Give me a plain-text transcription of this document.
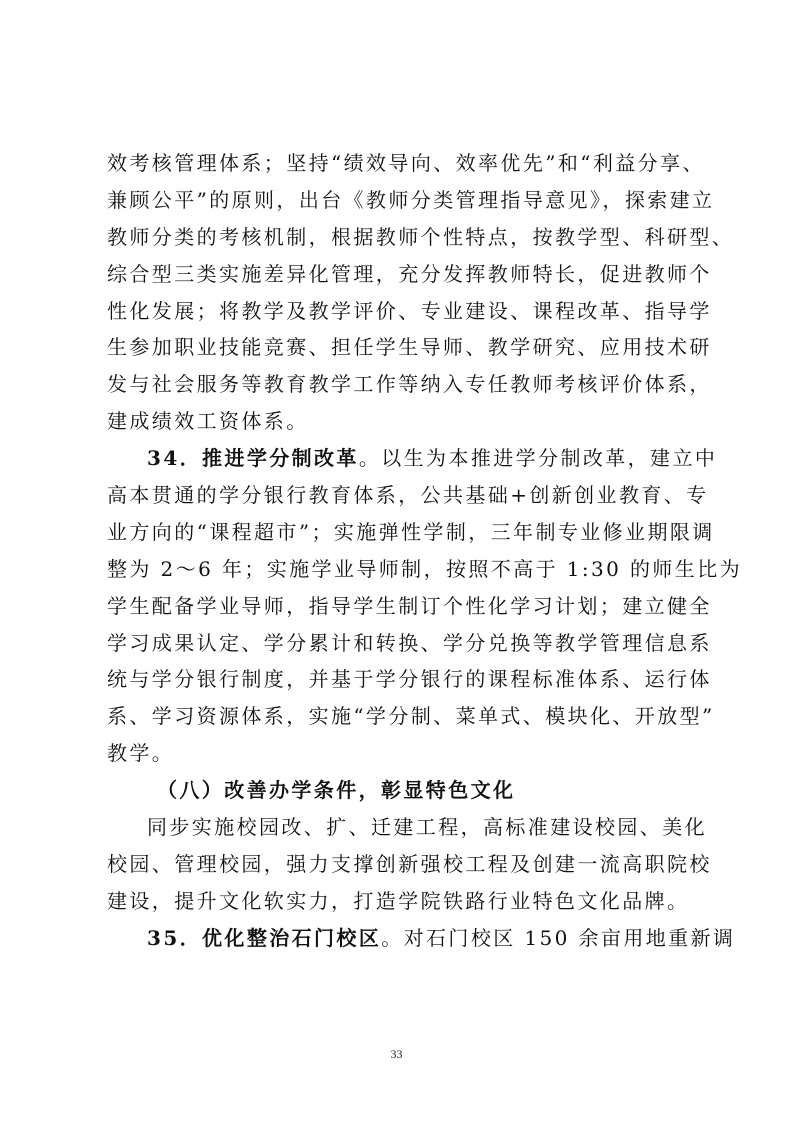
效考核管理体系；坚持“绩效导向、效率优先”和“利益分享、
兼顾公平”的原则，出台《教师分类管理指导意见》，探索建立
教师分类的考核机制，根据教师个性特点，按教学型、科研型、
综合型三类实施差异化管理，充分发挥教师特长，促进教师个
性化发展；将教学及教学评价、专业建设、课程改革、指导学
生参加职业技能竞赛、担任学生导师、教学研究、应用技术研
发与社会服务等教育教学工作等纳入专任教师考核评价体系，
建成绩效工资体系。
34．推进学分制改革。以生为本推进学分制改革，建立中
高本贯通的学分银行教育体系，公共基础+创新创业教育、专
业方向的“课程超市”；实施弹性学制，三年制专业修业期限调
整为 2～6 年；实施学业导师制，按照不高于 1:30 的师生比为
学生配备学业导师，指导学生制订个性化学习计划；建立健全
学习成果认定、学分累计和转换、学分兑换等教学管理信息系
统与学分银行制度，并基于学分银行的课程标准体系、运行体
系、学习资源体系，实施“学分制、菜单式、模块化、开放型”
教学。
（八）改善办学条件，彰显特色文化
同步实施校园改、扩、迁建工程，高标准建设校园、美化
校园、管理校园，强力支撑创新强校工程及创建一流高职院校
建设，提升文化软实力，打造学院铁路行业特色文化品牌。
35．优化整治石门校区。对石门校区 150 余亩用地重新调
33
